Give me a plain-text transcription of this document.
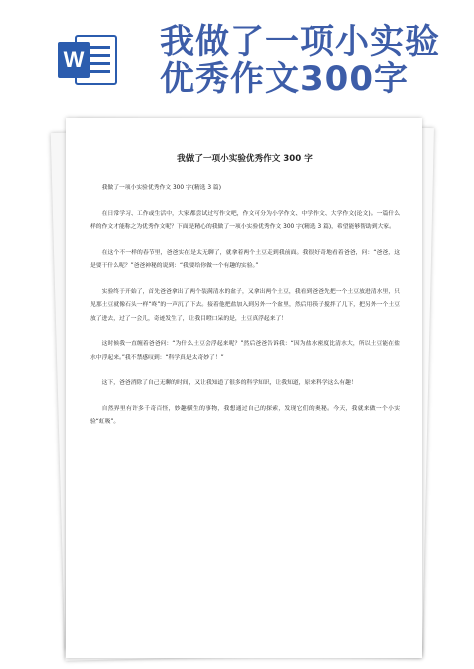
W 我做了一项小实验
优秀作文300字
我做了一项小实验优秀作文 300 字
我做了一项小实验优秀作文 300 字(精选 3 篇)
在日常学习、工作或生活中，大家都尝试过写作文吧，作文可分为小学作文、中学作文、大学作文(论文)。一篇什么样的作文才能称之为优秀作文呢？下面是精心的我做了一项小实验优秀作文 300 字(精选 3 篇)，希望能够帮助到大家。
在这个不一样的春节里，爸爸实在是太无聊了，就拿着两个土豆走到我前面。我很好奇地看着爸爸，问：“爸爸，这是要干什么呢？”爸爸神秘的说到：“我要给你做一个有趣的实验。”
实验终于开始了，首先爸爸拿出了两个装满清水的盆子，又拿出两个土豆，我看到爸爸先把一个土豆放进清水里，只见那土豆就像石头一样“咚”的一声沉了下去。接着他把盐加入到另外一个盆里，然后用筷子搅拌了几下，把另外一个土豆放了进去，过了一会儿，奇迹发生了，让我目瞪口呆的是，土豆真浮起来了！
这时候我一直缠着爸爸问：“为什么土豆会浮起来呢？”然后爸爸告诉我：“因为盐水密度比清水大，所以土豆能在盐水中浮起来。”我不禁感叹到：“科学真是太奇妙了！”
这下，爸爸消除了自己无聊的时间，又让我知道了很多的科学知识，让我知道，原来科学这么有趣！
自然界里有许多千奇百怪，妙趣横生的事物，我想通过自己的探索，发现它们的奥秘。今天，我就来做一个小实验“虹吸”。
